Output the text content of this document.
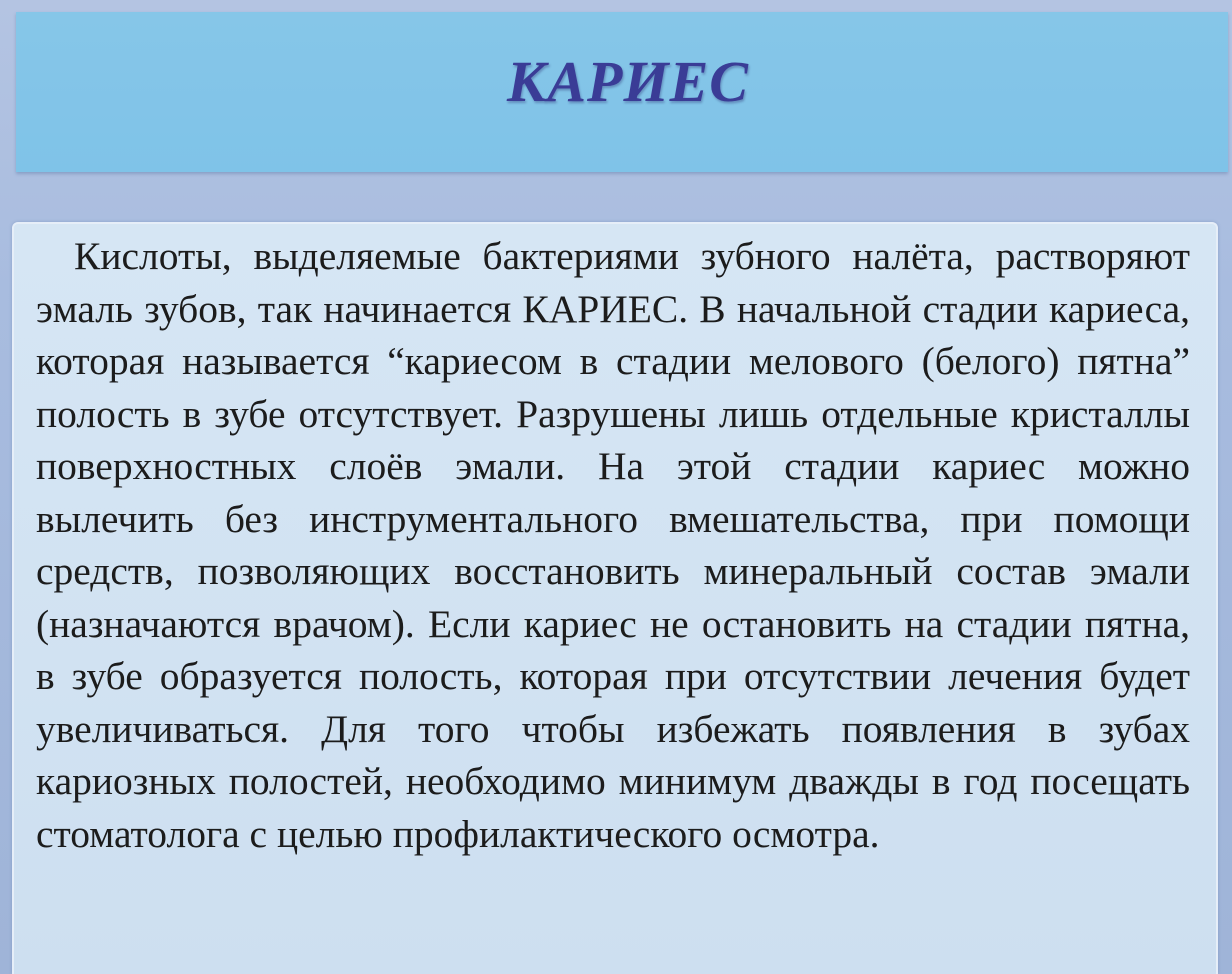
КАРИЕС

Кислоты, выделяемые бактериями зубного налёта, растворяют эмаль зубов, так начинается КАРИЕС. В начальной стадии кариеса, которая называется “кариесом в стадии мелового (белого) пятна” полость в зубе отсутствует. Разрушены лишь отдельные кристаллы поверхностных слоёв эмали. На этой стадии кариес можно вылечить без инструментального вмешательства, при помощи средств, позволяющих восстановить минеральный состав эмали (назначаются врачом). Если кариес не остановить на стадии пятна, в зубе образуется полость, которая при отсутствии лечения будет увеличиваться. Для того чтобы избежать появления в зубах кариозных полостей, необходимо минимум дважды в год посещать стоматолога с целью профилактического осмотра.
